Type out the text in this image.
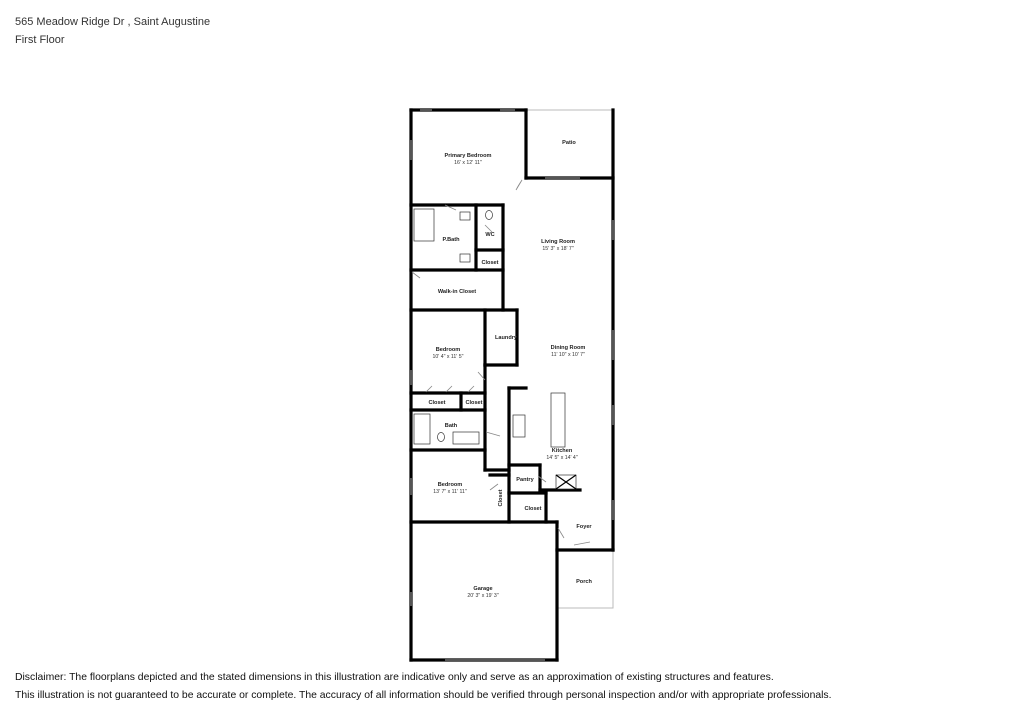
565 Meadow Ridge Dr , Saint Augustine
First Floor
Primary Bedroom
16' x 12' 11"
Patio
P.Bath
WC
Closet
Living Room
15' 3" x 18' 7"
Walk-in Closet
Laundry
Bedroom
10' 4" x 11' 5"
Dining Room
11' 10" x 10' 7"
Closet	Closet
Bath
Kitchen
14' 5" x 14' 4"
Pantry
Bedroom
13' 7" x 11' 11"	Closet
Closet
Foyer
Porch
Garage
20' 3" x 19' 3"
Disclaimer: The floorplans depicted and the stated dimensions in this illustration are indicative only and serve as an approximation of existing structures and features.
This illustration is not guaranteed to be accurate or complete. The accuracy of all information should be verified through personal inspection and/or with appropriate professionals.
